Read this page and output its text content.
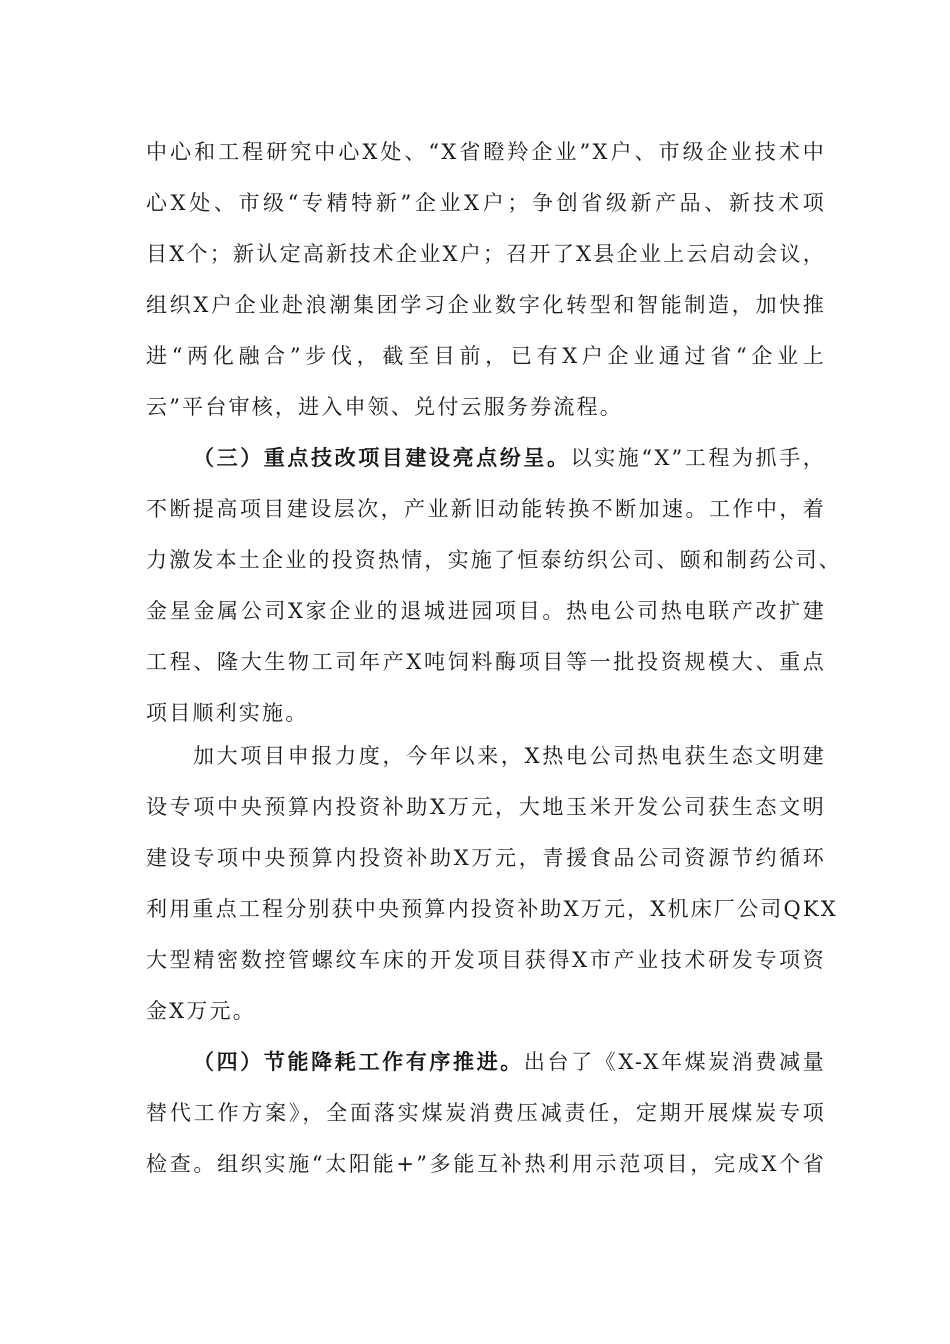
中心和工程研究中心X处、“X省瞪羚企业”X户、市级企业技术中
心X处、市级“专精特新”企业X户；争创省级新产品、新技术项
目X个；新认定高新技术企业X户；召开了X县企业上云启动会议，
组织X户企业赴浪潮集团学习企业数字化转型和智能制造，加快推
进“两化融合”步伐，截至目前，已有X户企业通过省“企业上
云”平台审核，进入申领、兑付云服务券流程。
（三）重点技改项目建设亮点纷呈。以实施“X”工程为抓手，
不断提高项目建设层次，产业新旧动能转换不断加速。工作中，着
力激发本土企业的投资热情，实施了恒泰纺织公司、颐和制药公司、
金星金属公司X家企业的退城进园项目。热电公司热电联产改扩建
工程、隆大生物工司年产X吨饲料酶项目等一批投资规模大、重点
项目顺利实施。
加大项目申报力度，今年以来，X热电公司热电获生态文明建
设专项中央预算内投资补助X万元，大地玉米开发公司获生态文明
建设专项中央预算内投资补助X万元，青援食品公司资源节约循环
利用重点工程分别获中央预算内投资补助X万元，X机床厂公司QKX
大型精密数控管螺纹车床的开发项目获得X市产业技术研发专项资
金X万元。
（四）节能降耗工作有序推进。出台了《X-X年煤炭消费减量
替代工作方案》，全面落实煤炭消费压减责任，定期开展煤炭专项
检查。组织实施“太阳能+”多能互补热利用示范项目，完成X个省
